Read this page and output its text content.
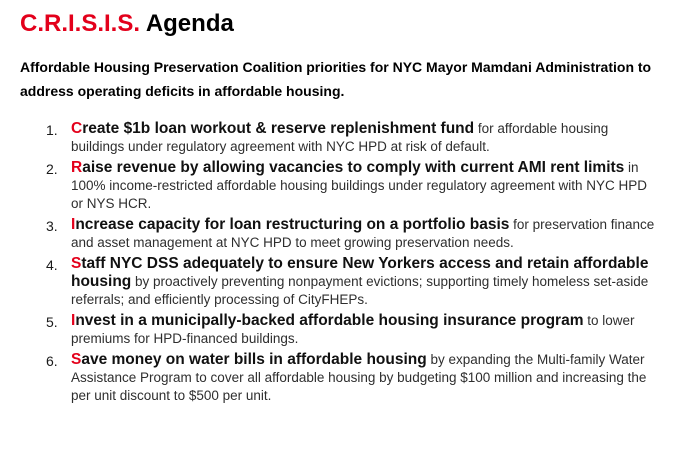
C.R.I.S.I.S. Agenda

Affordable Housing Preservation Coalition priorities for NYC Mayor Mamdani Administration to address operating deficits in affordable housing.

1. Create $1b loan workout & reserve replenishment fund for affordable housing buildings under regulatory agreement with NYC HPD at risk of default.
2. Raise revenue by allowing vacancies to comply with current AMI rent limits in 100% income-restricted affordable housing buildings under regulatory agreement with NYC HPD or NYS HCR.
3. Increase capacity for loan restructuring on a portfolio basis for preservation finance and asset management at NYC HPD to meet growing preservation needs.
4. Staff NYC DSS adequately to ensure New Yorkers access and retain affordable housing by proactively preventing nonpayment evictions; supporting timely homeless set-aside referrals; and efficiently processing of CityFHEPs.
5. Invest in a municipally-backed affordable housing insurance program to lower premiums for HPD-financed buildings.
6. Save money on water bills in affordable housing by expanding the Multi-family Water Assistance Program to cover all affordable housing by budgeting $100 million and increasing the per unit discount to $500 per unit.
